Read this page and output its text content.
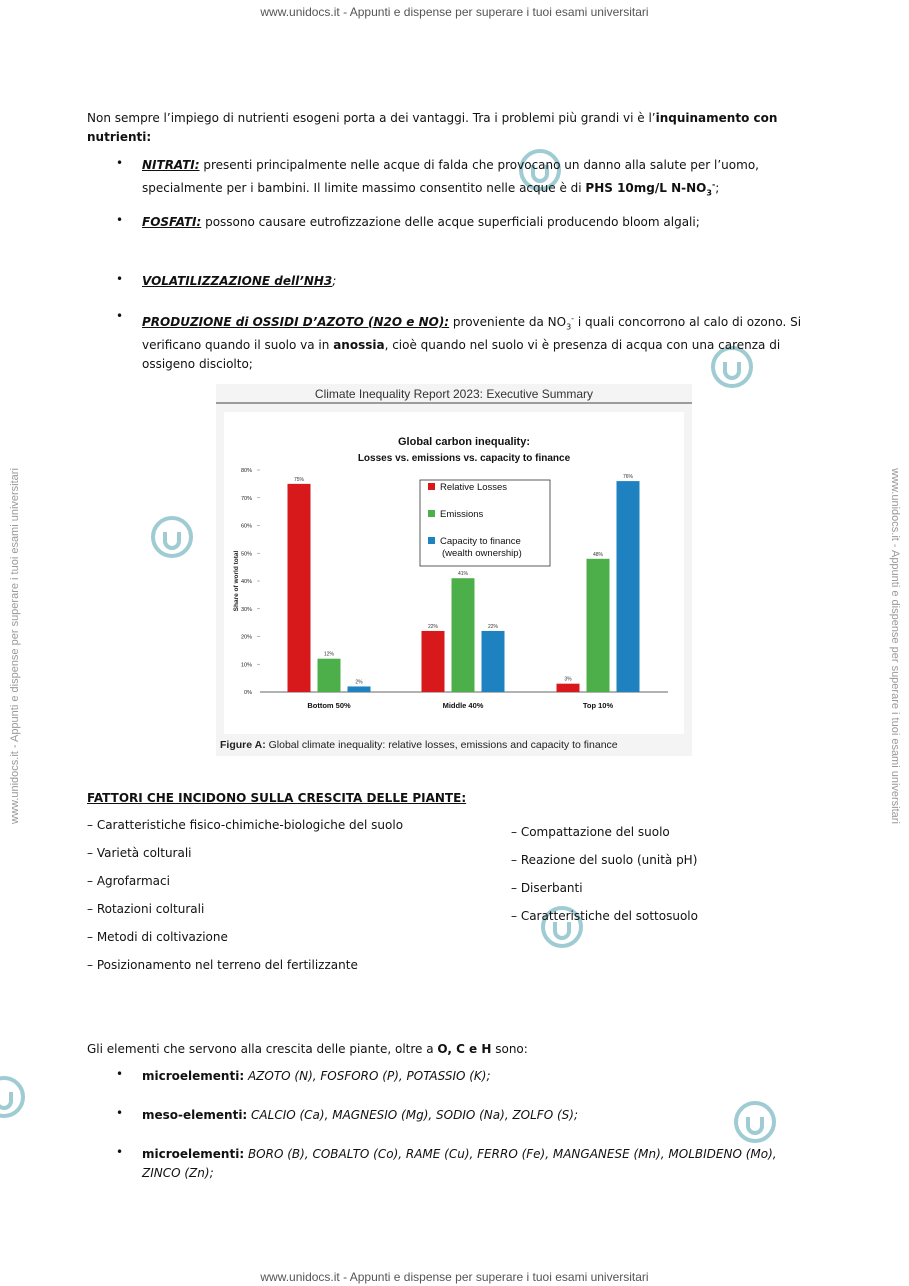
www.unidocs.it - Appunti e dispense per superare i tuoi esami universitari
www.unidocs.it - Appunti e dispense per superare i tuoi esami universitari
www.unidocs.it - Appunti e dispense per superare i tuoi esami universitari	www.unidocs.it - Appunti e dispense per superare i tuoi esami universitari
Non sempre l’impiego di nutrienti esogeni porta a dei vantaggi. Tra i problemi più grandi vi è l’inquinamento con nutrienti:
• NITRATI: presenti principalmente nelle acque di falda che provocano un danno alla salute per l’uomo,
specialmente per i bambini. Il limite massimo consentito nelle acque è di PHS 10mg/L $N-NO_3^-$;
• FOSFATI: possono causare eutrofizzazione delle acque superficiali producendo bloom algali;
• VOLATILIZZAZIONE dell’NH3;
• PRODUZIONE di OSSIDI D’AZOTO (N2O e NO): proveniente da $NO_3^-$ i quali concorrono al calo di ozono. Si
verificano quando il suolo va in anossia, cioè quando nel suolo vi è presenza di acqua con una carenza di
ossigeno disciolto;
Climate Inequality Report 2023: Executive Summary
Global carbon inequality:
Losses vs. emissions vs. capacity to finance
0%
10%
20%
30%
40%
50%
60%
70%
80%
Share of world total
Bottom 50%
75%
12%
2%
Middle 40%
22%
41%
22%
Top 10%
3%
48%
76%
Relative Losses
Emissions
Capacity to finance
(wealth ownership)
Figure A: Global climate inequality: relative losses, emissions and capacity to finance
FATTORI CHE INCIDONO SULLA CRESCITA DELLE PIANTE:
– Caratteristiche fisico-chimiche-biologiche del suolo
– Varietà colturali
– Agrofarmaci
– Rotazioni colturali
– Metodi di coltivazione
– Posizionamento nel terreno del fertilizzante
– Compattazione del suolo
– Reazione del suolo (unità pH)
– Diserbanti
– Caratteristiche del sottosuolo
Gli elementi che servono alla crescita delle piante, oltre a O, C e H sono:
• microelementi: AZOTO (N), FOSFORO (P), POTASSIO (K);
• meso-elementi: CALCIO (Ca), MAGNESIO (Mg), SODIO (Na), ZOLFO (S);
• microelementi: BORO (B), COBALTO (Co), RAME (Cu), FERRO (Fe), MANGANESE (Mn), MOLBIDENO (Mo),
ZINCO (Zn);
